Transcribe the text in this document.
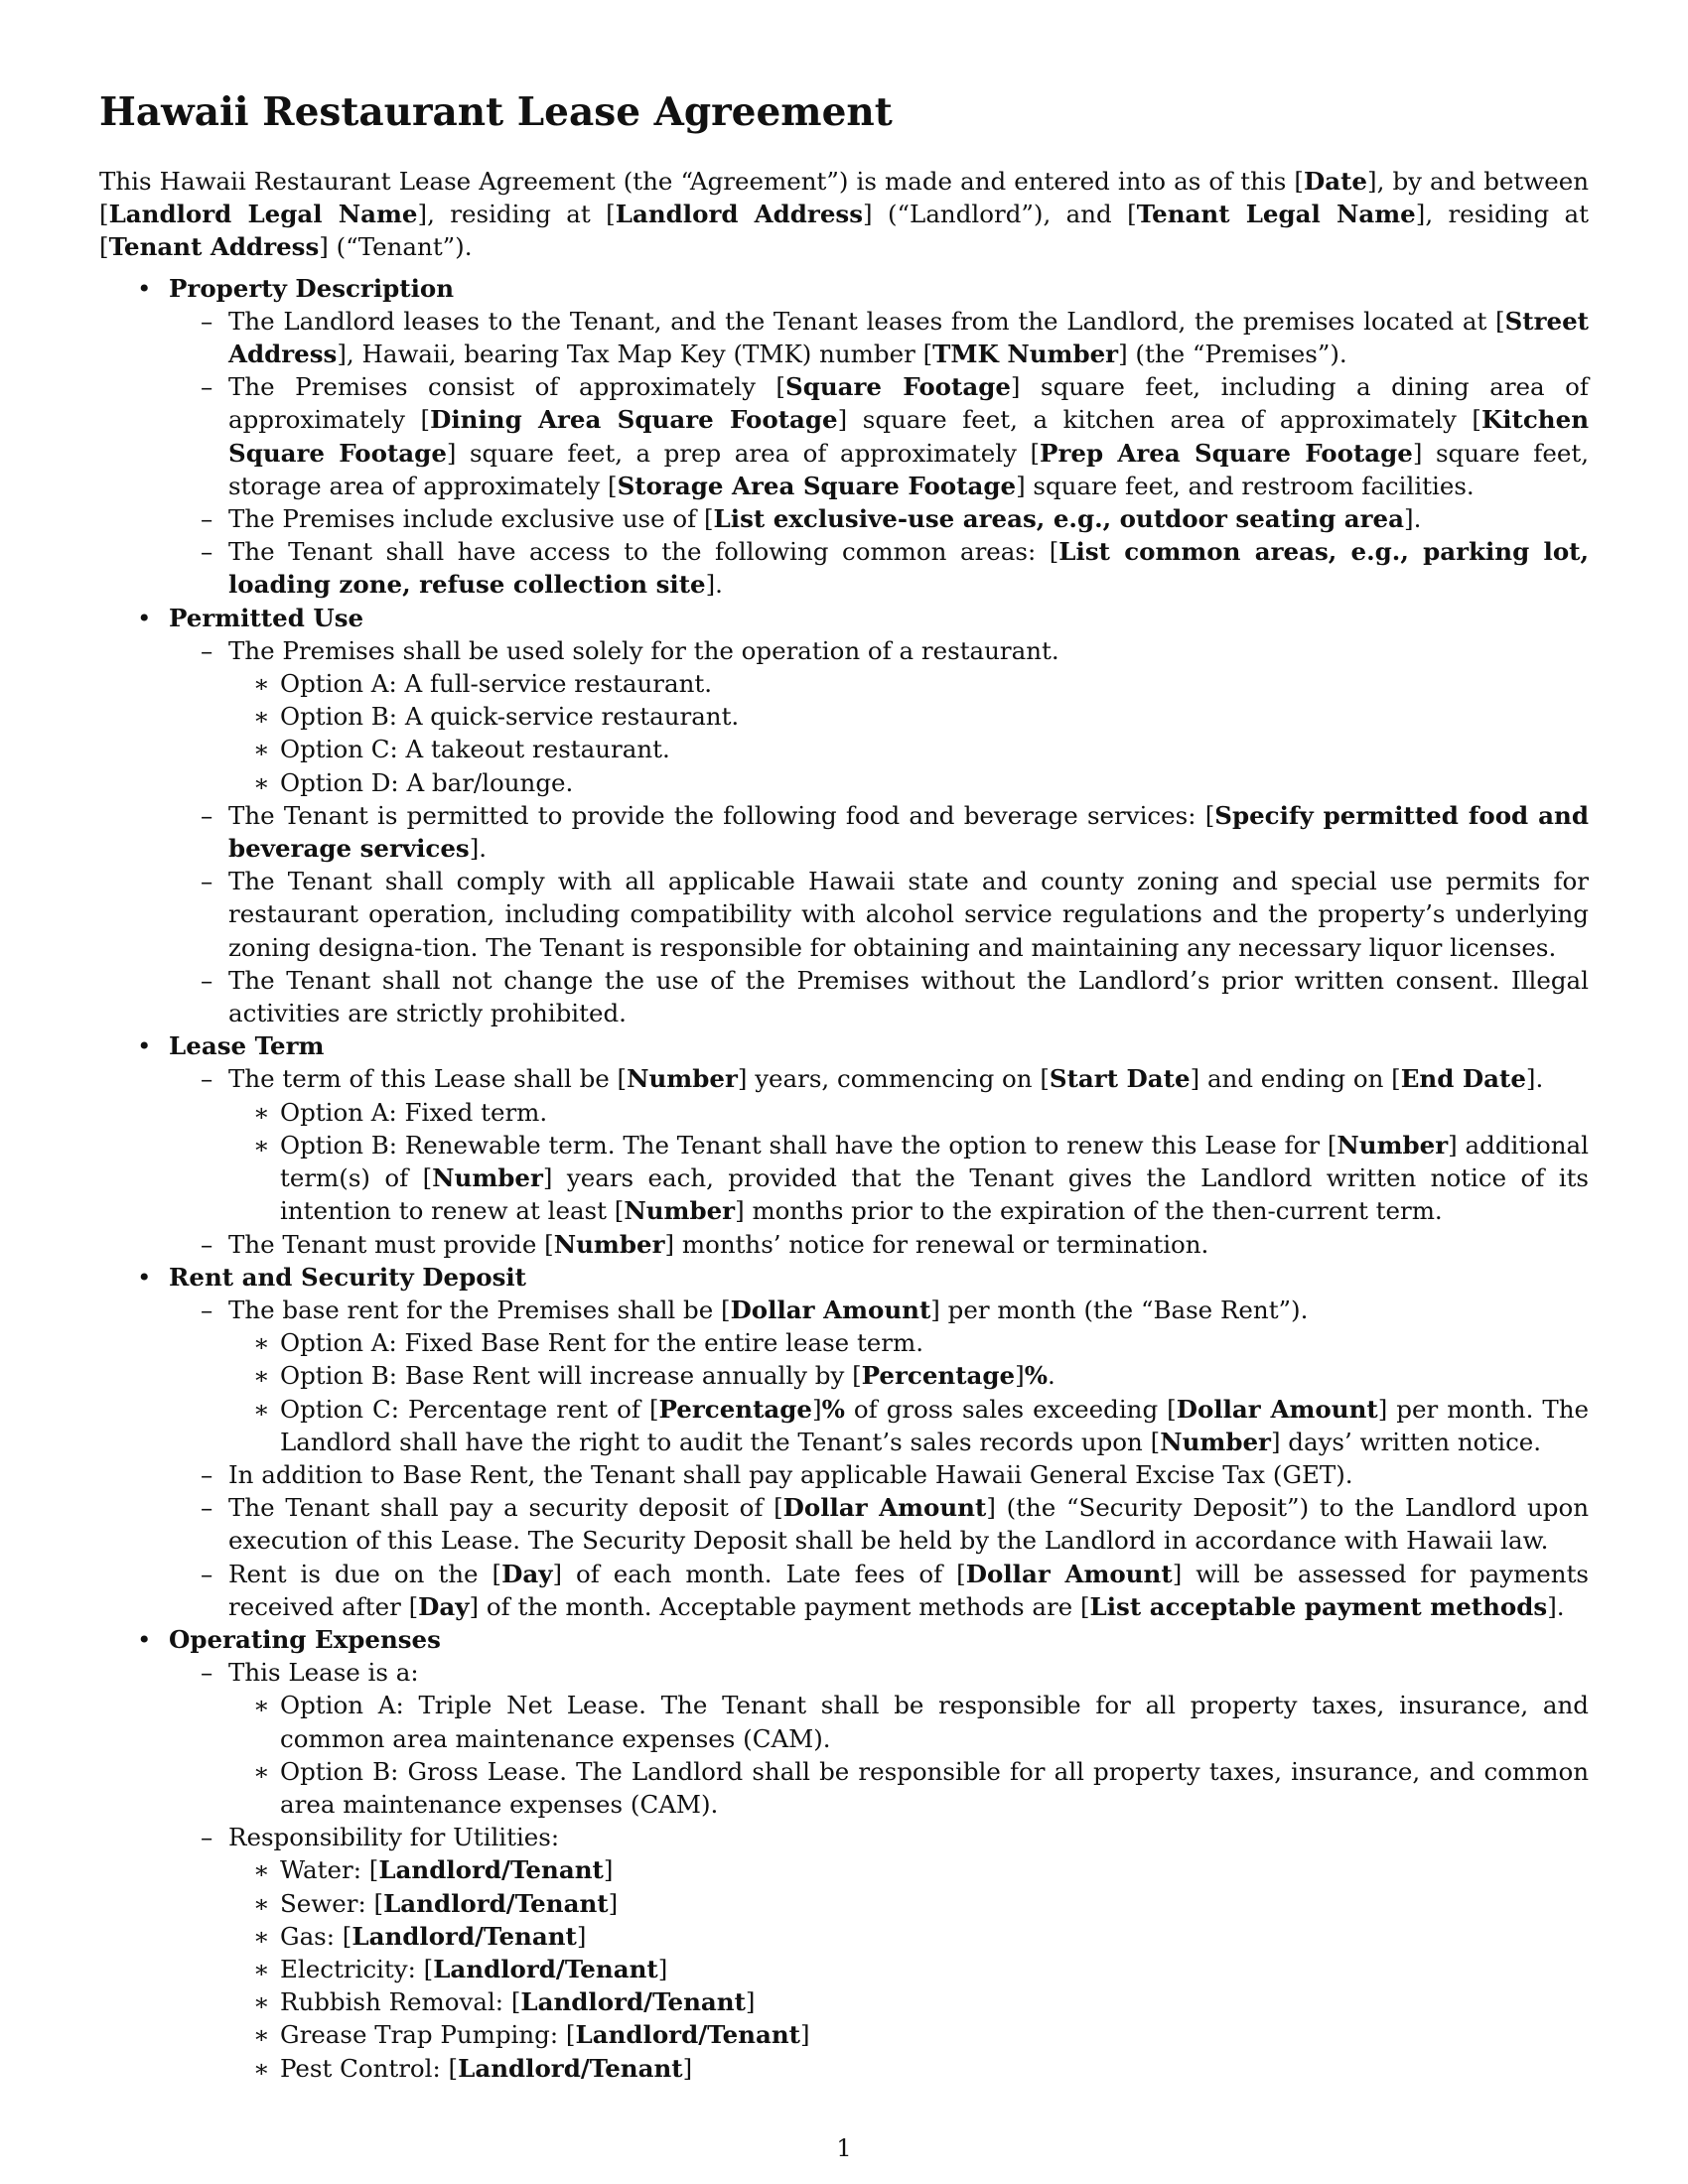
Hawaii Restaurant Lease Agreement

This Hawaii Restaurant Lease Agreement (the “Agreement”) is made and entered into as of this [Date], by and between [Landlord Legal Name], residing at [Landlord Address] (“Landlord”), and [Tenant Legal Name], residing at [Tenant Address] (“Tenant”).

• Property Description
– The Landlord leases to the Tenant, and the Tenant leases from the Landlord, the premises located at [Street Address], Hawaii, bearing Tax Map Key (TMK) number [TMK Number] (the “Premises”).
– The Premises consist of approximately [Square Footage] square feet, including a dining area of approximately [Dining Area Square Footage] square feet, a kitchen area of approximately [Kitchen Square Footage] square feet, a prep area of approximately [Prep Area Square Footage] square feet, storage area of approximately [Storage Area Square Footage] square feet, and restroom facilities.
– The Premises include exclusive use of [List exclusive-use areas, e.g., outdoor seating area].
– The Tenant shall have access to the following common areas: [List common areas, e.g., parking lot, loading zone, refuse collection site].
• Permitted Use
– The Premises shall be used solely for the operation of a restaurant.
∗ Option A: A full-service restaurant.
∗ Option B: A quick-service restaurant.
∗ Option C: A takeout restaurant.
∗ Option D: A bar/lounge.
– The Tenant is permitted to provide the following food and beverage services: [Specify permitted food and beverage services].
– The Tenant shall comply with all applicable Hawaii state and county zoning and special use permits for restaurant operation, including compatibility with alcohol service regulations and the property’s underlying zoning designa-tion. The Tenant is responsible for obtaining and maintaining any necessary liquor licenses.
– The Tenant shall not change the use of the Premises without the Landlord’s prior written consent. Illegal activities are strictly prohibited.
• Lease Term
– The term of this Lease shall be [Number] years, commencing on [Start Date] and ending on [End Date].
∗ Option A: Fixed term.
∗ Option B: Renewable term. The Tenant shall have the option to renew this Lease for [Number] additional term(s) of [Number] years each, provided that the Tenant gives the Landlord written notice of its intention to renew at least [Number] months prior to the expiration of the then-current term.
– The Tenant must provide [Number] months’ notice for renewal or termination.
• Rent and Security Deposit
– The base rent for the Premises shall be [Dollar Amount] per month (the “Base Rent”).
∗ Option A: Fixed Base Rent for the entire lease term.
∗ Option B: Base Rent will increase annually by [Percentage]%.
∗ Option C: Percentage rent of [Percentage]% of gross sales exceeding [Dollar Amount] per month. The Landlord shall have the right to audit the Tenant’s sales records upon [Number] days’ written notice.
– In addition to Base Rent, the Tenant shall pay applicable Hawaii General Excise Tax (GET).
– The Tenant shall pay a security deposit of [Dollar Amount] (the “Security Deposit”) to the Landlord upon execution of this Lease. The Security Deposit shall be held by the Landlord in accordance with Hawaii law.
– Rent is due on the [Day] of each month. Late fees of [Dollar Amount] will be assessed for payments received after [Day] of the month. Acceptable payment methods are [List acceptable payment methods].
• Operating Expenses
– This Lease is a:
∗ Option A: Triple Net Lease. The Tenant shall be responsible for all property taxes, insurance, and common area maintenance expenses (CAM).
∗ Option B: Gross Lease. The Landlord shall be responsible for all property taxes, insurance, and common area maintenance expenses (CAM).
– Responsibility for Utilities:
∗ Water: [Landlord/Tenant]
∗ Sewer: [Landlord/Tenant]
∗ Gas: [Landlord/Tenant]
∗ Electricity: [Landlord/Tenant]
∗ Rubbish Removal: [Landlord/Tenant]
∗ Grease Trap Pumping: [Landlord/Tenant]
∗ Pest Control: [Landlord/Tenant]
1
